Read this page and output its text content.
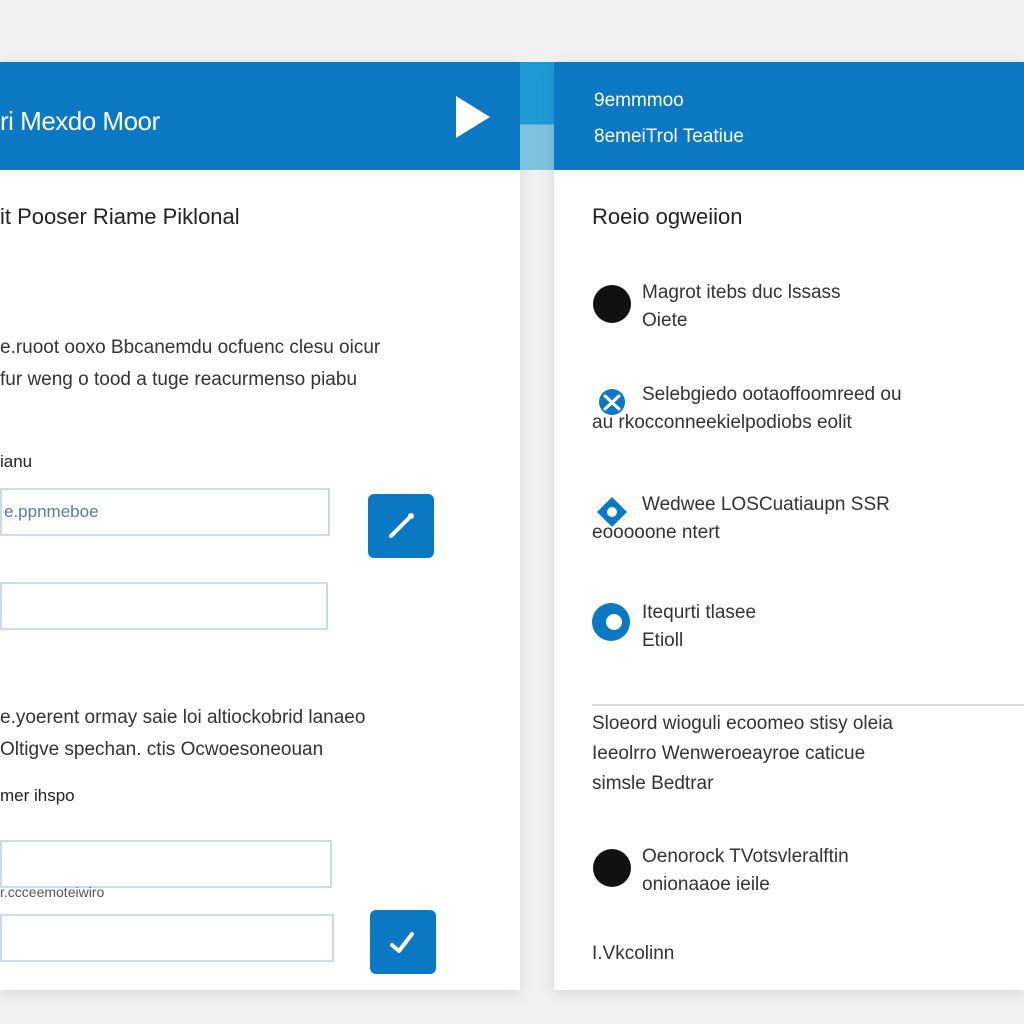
ri Mexdo Moor
it Pooser Riame Piklonal
e.ruoot ooxo Bbcanemdu ocfuenc clesu oicur
fur weng o tood a tuge reacurmenso piabu
ianu
e.ppnmeboe
e.yoerent ormay saie loi altiockobrid lanaeo
Oltigve spechan. ctis Ocwoesoneouan
mer ihspo
r.ccceemoteiwiro
9emmmoo
8emeiTrol Teatiue
Roeio ogweiion
Magrot itebs duc lssass
Oiete
Selebgiedo ootaoffoomreed ou
au rkocconneekielpodiobs eolit
Wedwee LOSCuatiaupn SSR
eooooone ntert
Itequrti tlasee
Etioll
Sloeord wioguli ecoomeo stisy oleia
Ieeolrro Wenweroeayroe caticue
simsle Bedtrar
Oenorock TVotsvleralftin
onionaaoe ieile
I.Vkcolinn
